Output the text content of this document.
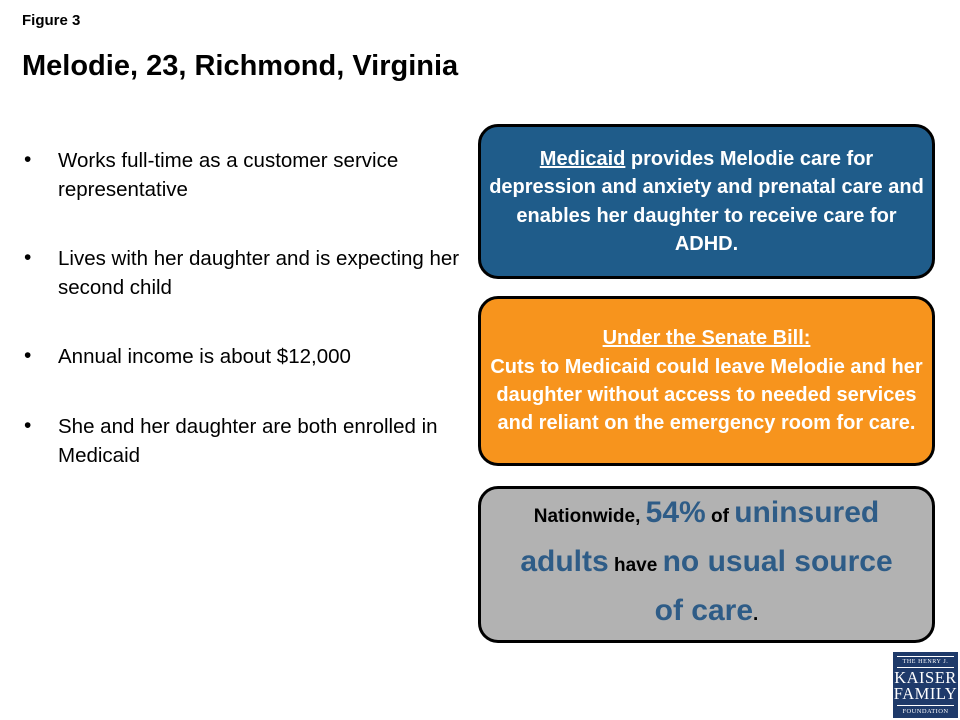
Figure 3
Melodie, 23, Richmond, Virginia
• Works full-time as a customer service representative
• Lives with her daughter and is expecting her second child
• Annual income is about $12,000
• She and her daughter are both enrolled in Medicaid

Medicaid provides Melodie care for depression and anxiety and prenatal care and enables her daughter to receive care for ADHD.

Under the Senate Bill:

Cuts to Medicaid could leave Melodie and her daughter without access to needed services and reliant on the emergency room for care.

Nationwide, 54% of uninsured
adults have no usual source
of care.
THE HENRY J.
KAISER
FAMILY
FOUNDATION
